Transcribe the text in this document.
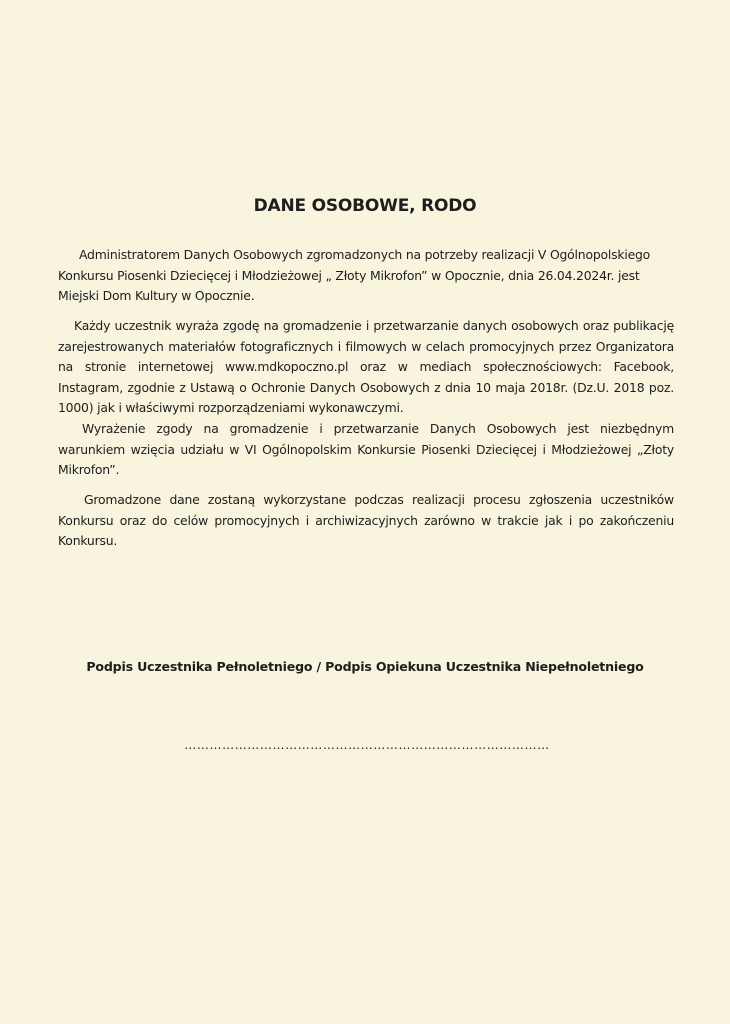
DANE OSOBOWE, RODO

Administratorem Danych Osobowych zgromadzonych na potrzeby realizacji V Ogólnopolskiego Konkursu Piosenki Dziecięcej i Młodzieżowej „ Złoty Mikrofon” w Opocznie, dnia 26.04.2024r. jest Miejski Dom Kultury w Opocznie.

Każdy uczestnik wyraża zgodę na gromadzenie i przetwarzanie danych osobowych oraz publikację zarejestrowanych materiałów fotograficznych i filmowych w celach promocyjnych przez Organizatora na stronie internetowej www.mdkopoczno.pl oraz w mediach społecznościowych: Facebook, Instagram, zgodnie z Ustawą o Ochronie Danych Osobowych z dnia 10 maja 2018r. (Dz.U. 2018 poz. 1000) jak i właściwymi rozporządzeniami wykonawczymi.

Wyrażenie zgody na gromadzenie i przetwarzanie Danych Osobowych jest niezbędnym warunkiem wzięcia udziału w VI Ogólnopolskim Konkursie Piosenki Dziecięcej i Młodzieżowej „Złoty Mikrofon”.

Gromadzone dane zostaną wykorzystane podczas realizacji procesu zgłoszenia uczestników Konkursu oraz do celów promocyjnych i archiwizacyjnych zarówno w trakcie jak i po zakończeniu Konkursu.

Podpis Uczestnika Pełnoletniego / Podpis Opiekuna Uczestnika Niepełnoletniego

……………………………………………………………………………
